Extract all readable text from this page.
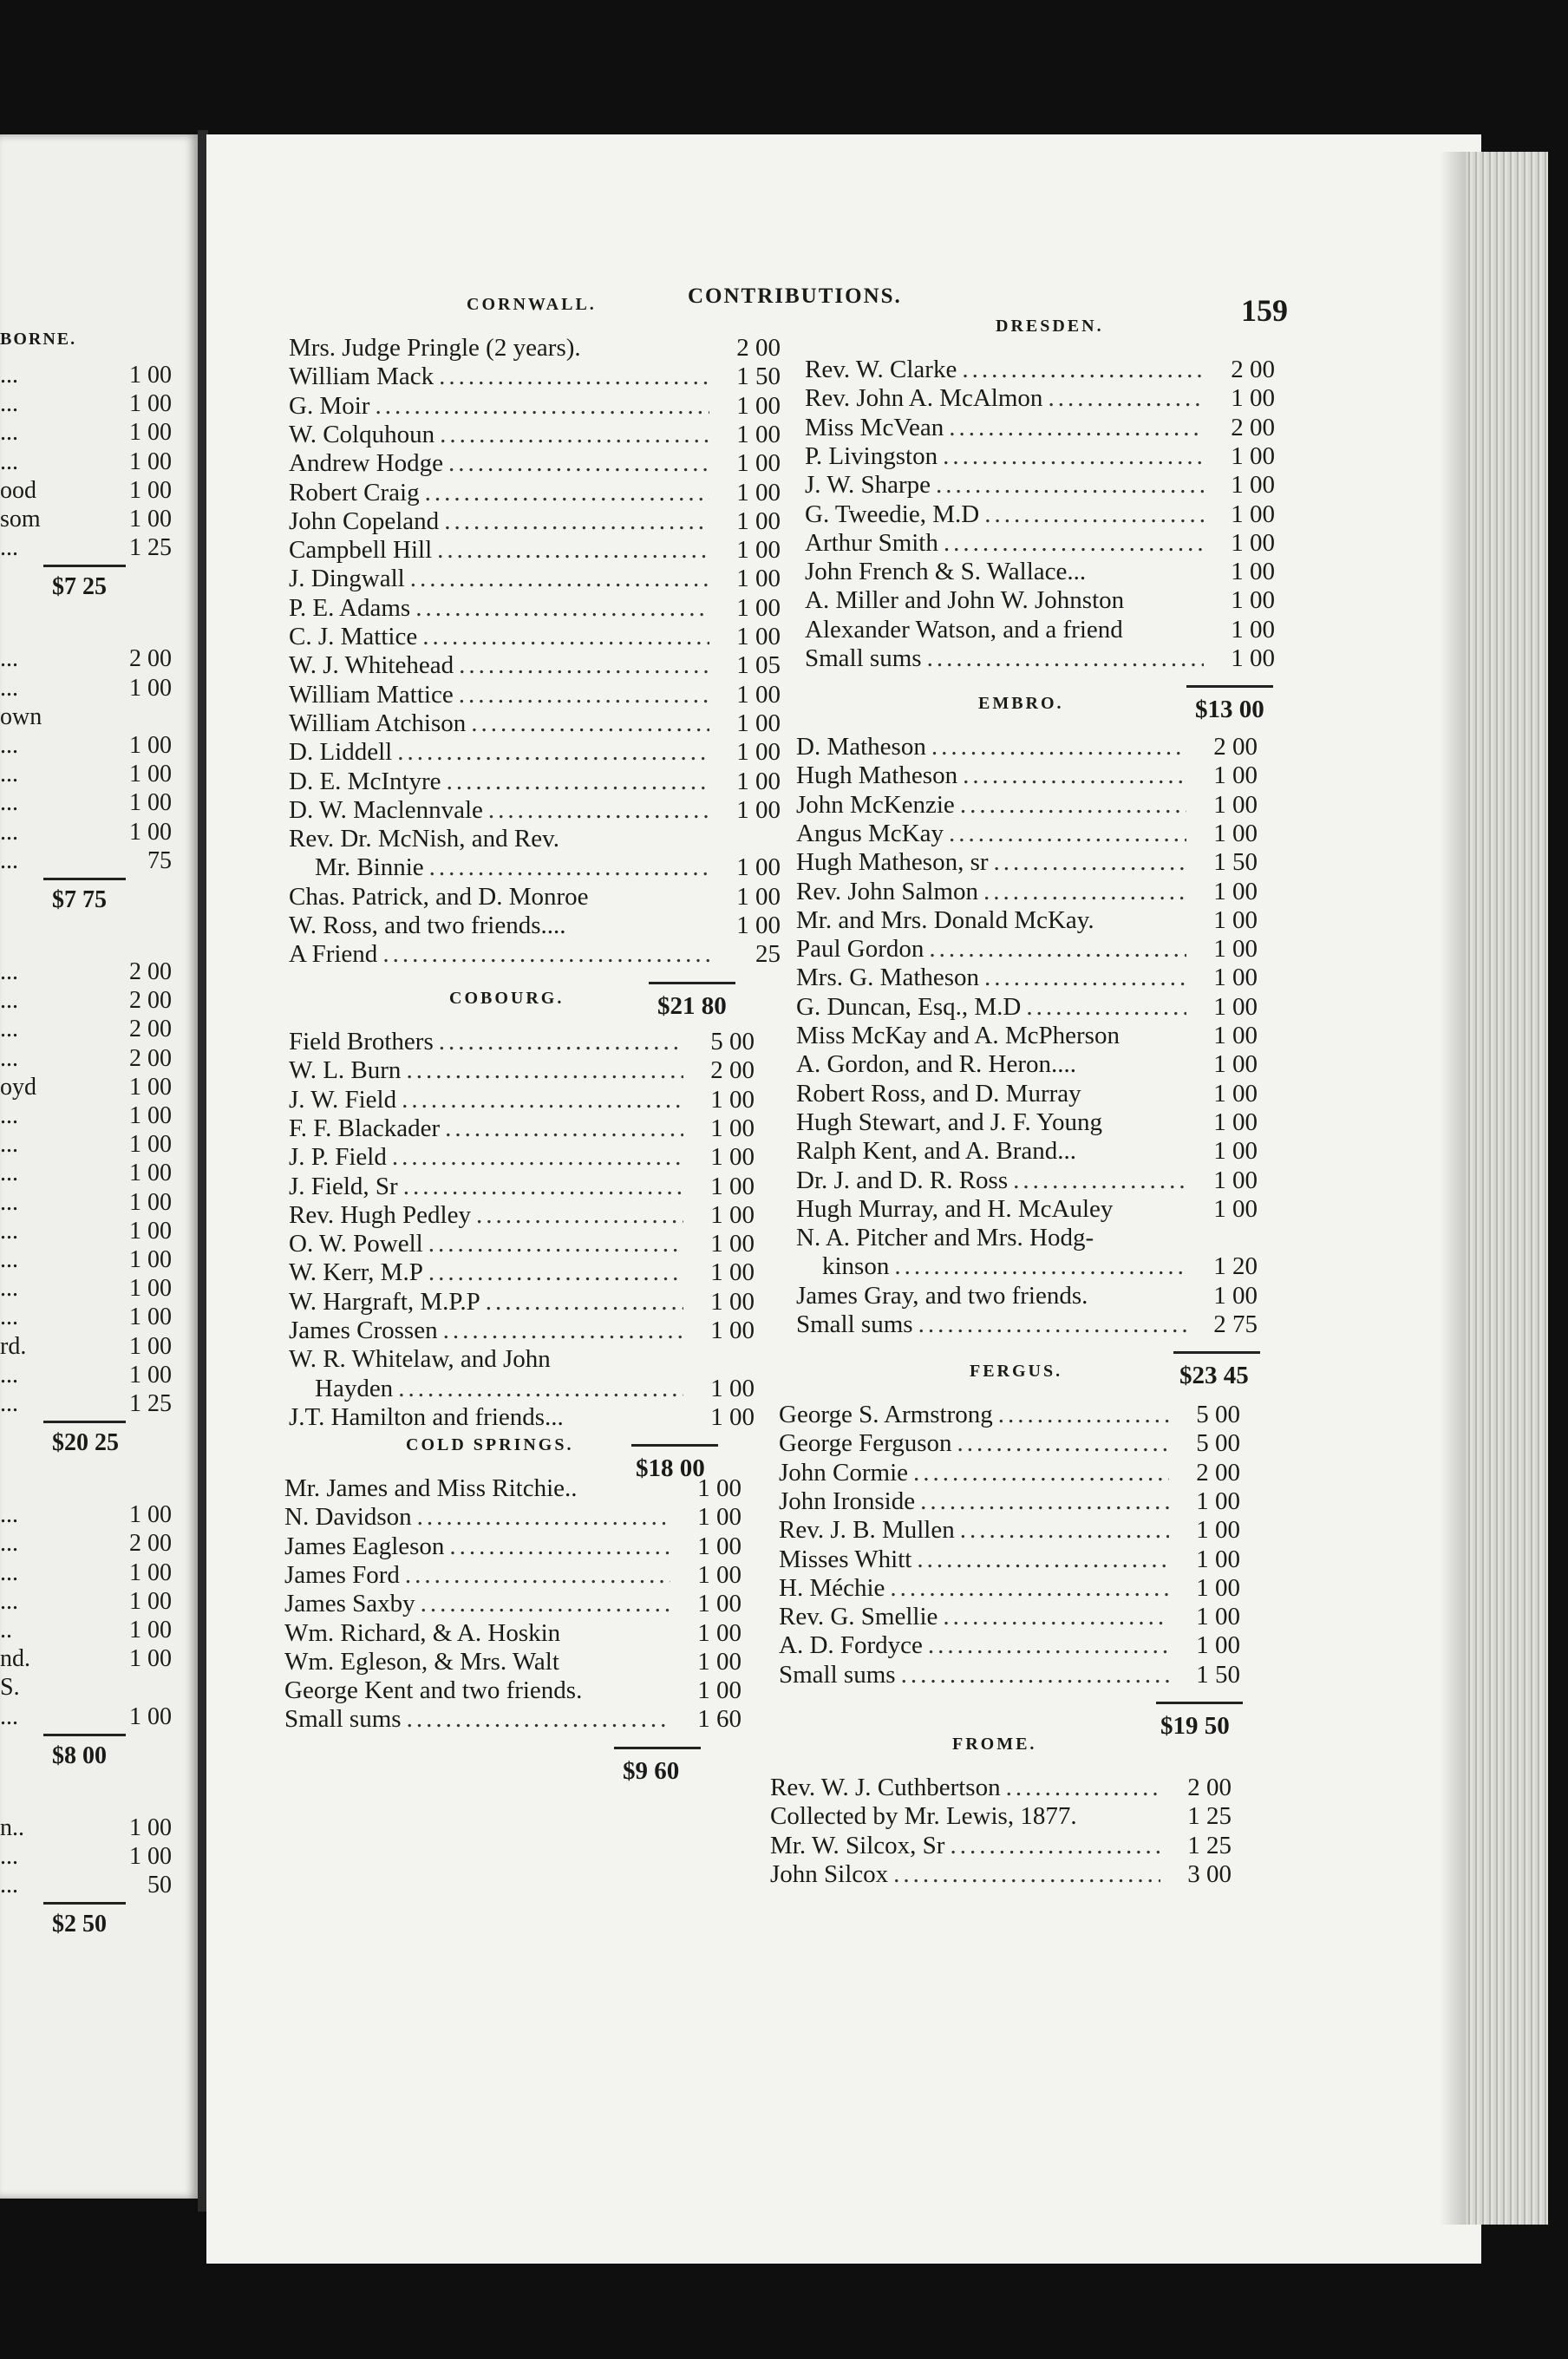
BORNE.
...	1 00
...	1 00
...	1 00
...	1 00
ood	1 00
som	1 00
...	1 25
$7 25
...	2 00
...	1 00
own
...	1 00
...	1 00
...	1 00
...	1 00
...	75
$7 75
...	2 00
...	2 00
...	2 00
...	2 00
oyd	1 00
...	1 00
...	1 00
...	1 00
...	1 00
...	1 00
...	1 00
...	1 00
...	1 00
rd.	1 00
...	1 00
...	1 25
$20 25
...	1 00
...	2 00
...	1 00
...	1 00
..	1 00
nd.	1 00
S.
...	1 00
$8 00
n..	1 00
...	1 00
...	50
$2 50
CONTRIBUTIONS.	159
CORNWALL.
Mrs. Judge Pringle (2 years).	2 00
William Mack .....	1 50
G. Moir .....	1 00
W. Colquhoun .....	1 00
Andrew Hodge .....	1 00
Robert Craig .....	1 00
John Copeland .....	1 00
Campbell Hill .....	1 00
J. Dingwall .....	1 00
P. E. Adams .....	1 00
C. J. Mattice .....	1 00
W. J. Whitehead .....	1 05
William Mattice .....	1 00
William Atchison .....	1 00
D. Liddell .....	1 00
D. E. McIntyre .....	1 00
D. W. Maclennvale .....	1 00
Rev. Dr. McNish, and Rev.
Mr. Binnie .....	1 00
Chas. Patrick, and D. Monroe	1 00
W. Ross, and two friends....	1 00
A Friend .....	25
$21 80
COBOURG.
Field Brothers .....	5 00
W. L. Burn .....	2 00
J. W. Field .....	1 00
F. F. Blackader .....	1 00
J. P. Field .....	1 00
J. Field, Sr .....	1 00
Rev. Hugh Pedley .....	1 00
O. W. Powell .....	1 00
W. Kerr, M.P .....	1 00
W. Hargraft, M.P.P .....	1 00
James Crossen .....	1 00
W. R. Whitelaw, and John
Hayden .....	1 00
J.T. Hamilton and friends...	1 00
$18 00
COLD SPRINGS.
Mr. James and Miss Ritchie..	1 00
N. Davidson .....	1 00
James Eagleson .....	1 00
James Ford .....	1 00
James Saxby .....	1 00
Wm. Richard, & A. Hoskin	1 00
Wm. Egleson, & Mrs. Walt	1 00
George Kent and two friends.	1 00
Small sums .....	1 60
$9 60
DRESDEN.
Rev. W. Clarke .....	2 00
Rev. John A. McAlmon .....	1 00
Miss McVean .....	2 00
P. Livingston .....	1 00
J. W. Sharpe .....	1 00
G. Tweedie, M.D .....	1 00
Arthur Smith .....	1 00
John French & S. Wallace...	1 00
A. Miller and John W. Johnston	1 00
Alexander Watson, and a friend	1 00
Small sums .....	1 00
$13 00
EMBRO.
D. Matheson .....	2 00
Hugh Matheson .....	1 00
John McKenzie .....	1 00
Angus McKay .....	1 00
Hugh Matheson, sr .....	1 50
Rev. John Salmon .....	1 00
Mr. and Mrs. Donald McKay.	1 00
Paul Gordon .....	1 00
Mrs. G. Matheson .....	1 00
G. Duncan, Esq., M.D .....	1 00
Miss McKay and A. McPherson	1 00
A. Gordon, and R. Heron....	1 00
Robert Ross, and D. Murray	1 00
Hugh Stewart, and J. F. Young	1 00
Ralph Kent, and A. Brand...	1 00
Dr. J. and D. R. Ross .....	1 00
Hugh Murray, and H. McAuley	1 00
N. A. Pitcher and Mrs. Hodg-
kinson .....	1 20
James Gray, and two friends.	1 00
Small sums .....	2 75
$23 45
FERGUS.
George S. Armstrong .....	5 00
George Ferguson .....	5 00
John Cormie .....	2 00
John Ironside .....	1 00
Rev. J. B. Mullen .....	1 00
Misses Whitt .....	1 00
H. Méchie .....	1 00
Rev. G. Smellie .....	1 00
A. D. Fordyce .....	1 00
Small sums .....	1 50
$19 50
FROME.
Rev. W. J. Cuthbertson .....	2 00
Collected by Mr. Lewis, 1877.	1 25
Mr. W. Silcox, Sr .....	1 25
John Silcox .....	3 00
